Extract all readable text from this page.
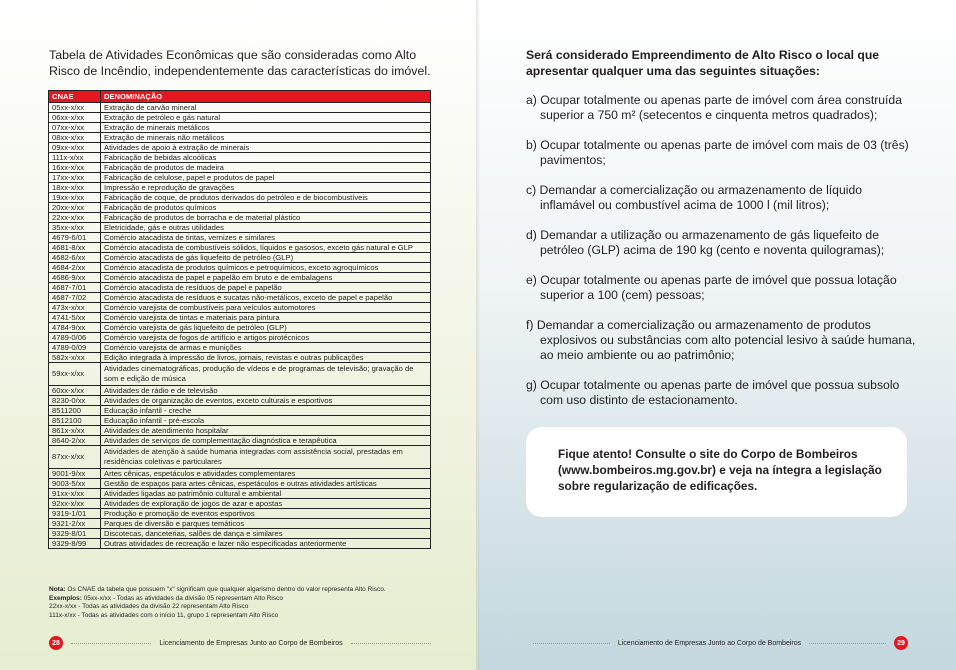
Tabela de Atividades Econômicas que são consideradas como Alto Risco de Incêndio, independentemente das características do imóvel.
CNAE	DENOMINAÇÃO
05xx-x/xx	Extração de carvão mineral
06xx-x/xx	Extração de petróleo e gás natural
07xx-x/xx	Extração de minerais metálicos
08xx-x/xx	Extração de minerais não metálicos
09xx-x/xx	Atividades de apoio à extração de minerais
111x-x/xx	Fabricação de bebidas alcoólicas
16xx-x/xx	Fabricação de produtos de madeira
17xx-x/xx	Fabricação de celulose, papel e produtos de papel
18xx-x/xx	Impressão e reprodução de gravações
19xx-x/xx	Fabricação de coque, de produtos derivados do petróleo e de biocombustíveis
20xx-x/xx	Fabricação de produtos químicos
22xx-x/xx	Fabricação de produtos de borracha e de material plástico
35xx-x/xx	Eletricidade, gás e outras utilidades
4679-6/01	Comércio atacadista de tintas, vernizes e similares
4681-8/xx	Comércio atacadista de combustíveis sólidos, líquidos e gasosos, exceto gás natural e GLP
4682-6/xx	Comércio atacadista de gás liquefeito de petróleo (GLP)
4684-2/xx	Comércio atacadista de produtos químicos e petroquímicos, exceto agroquímicos
4686-9/xx	Comércio atacadista de papel e papelão em bruto e de embalagens
4687-7/01	Comércio atacadista de resíduos de papel e papelão
4687-7/02	Comércio atacadista de resíduos e sucatas não-metálicos, exceto de papel e papelão
473x-x/xx	Comércio varejista de combustíveis para veículos automotores
4741-5/xx	Comércio varejista de tintas e materiais para pintura
4784-9/xx	Comércio varejista de gás liquefeito de petróleo (GLP)
4789-0/06	Comércio varejista de fogos de artifício e artigos pirotécnicos
4789-0/09	Comércio varejista de armas e munições
582x-x/xx	Edição integrada à impressão de livros, jornais, revistas e outras publicações
59xx-x/xx	Atividades cinematográficas, produção de vídeos e de programas de televisão; gravação de som e edição de música
60xx-x/xx	Atividades de rádio e de televisão
8230-0/xx	Atividades de organização de eventos, exceto culturais e esportivos
8511200	Educação infantil - creche
8512100	Educação infantil - pré-escola
861x-x/xx	Atividades de atendimento hospitalar
8640-2/xx	Atividades de serviços de complementação diagnóstica e terapêutica
87xx-x/xx	Atividades de atenção à saúde humana integradas com assistência social, prestadas em residências coletivas e particulares
9001-9/xx	Artes cênicas, espetáculos e atividades complementares
9003-5/xx	Gestão de espaços para artes cênicas, espetáculos e outras atividades artísticas
91xx-x/xx	Atividades ligadas ao patrimônio cultural e ambiental
92xx-x/xx	Atividades de exploração de jogos de azar e apostas
9319-1/01	Produção e promoção de eventos esportivos
9321-2/xx	Parques de diversão e parques temáticos
9329-8/01	Discotecas, danceterias, salões de dança e similares
9329-8/99	Outras atividades de recreação e lazer não especificadas anteriormente
Nota: Os CNAE da tabela que possuem "x" significam que qualquer algarismo dentro do valor representa Alto Risco.
Exemplos: 05xx-x/xx - Todas as atividades da divisão 05 representam Alto Risco
22xx-x/xx - Todas as atividades da divisão 22 representam Alto Risco
111x-x/xx - Todas as atividades com o início 11, grupo 1 representam Alto Risco
28	Licenciamento de Empresas Junto ao Corpo de Bombeiros
Será considerado Empreendimento de Alto Risco o local que apresentar qualquer uma das seguintes situações:
a) Ocupar totalmente ou apenas parte de imóvel com área construída superior a 750 m² (setecentos e cinquenta metros quadrados);
b) Ocupar totalmente ou apenas parte de imóvel com mais de 03 (três) pavimentos;
c) Demandar a comercialização ou armazenamento de líquido inflamável ou combustível acima de 1000 l (mil litros);
d) Demandar a utilização ou armazenamento de gás liquefeito de petróleo (GLP) acima de 190 kg (cento e noventa quilogramas);
e) Ocupar totalmente ou apenas parte de imóvel que possua lotação superior a 100 (cem) pessoas;
f) Demandar a comercialização ou armazenamento de produtos explosivos ou substâncias com alto potencial lesivo à saúde humana, ao meio ambiente ou ao patrimônio;
g) Ocupar totalmente ou apenas parte de imóvel que possua subsolo com uso distinto de estacionamento.
Fique atento! Consulte o site do Corpo de Bombeiros (www.bombeiros.mg.gov.br) e veja na íntegra a legislação sobre regularização de edificações.
Licenciamento de Empresas Junto ao Corpo de Bombeiros	29
